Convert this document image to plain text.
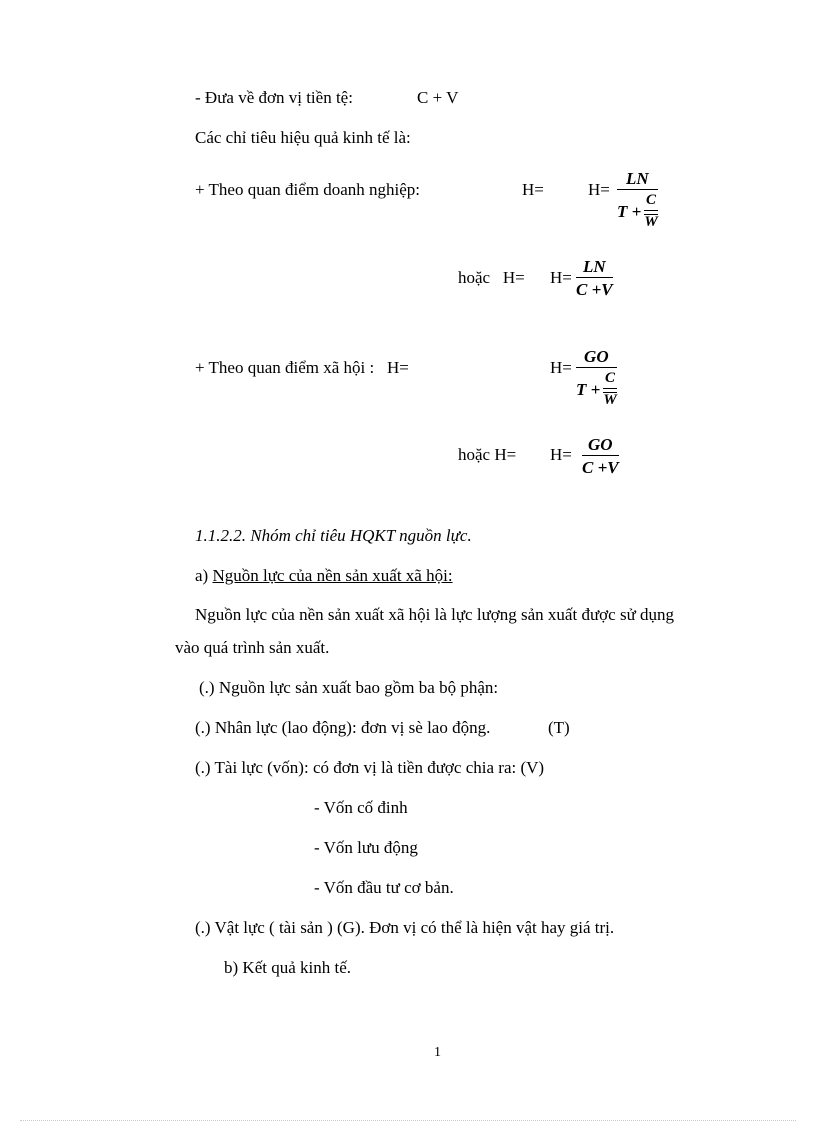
- Đưa về đơn vị tiền tệ:	C + V
Các chỉ tiêu hiệu quả kinh tế là:
+ Theo quan điểm doanh nghiệp:	H=	H=
LN
T +
C
W
hoặc H= H=
LN
C +V
+ Theo quan điểm xã hội : H=	H=
GO
T +
C
W
hoặc H= H=
GO
C +V
1.1.2.2. Nhóm chỉ tiêu HQKT nguồn lực.
a) Nguồn lực của nền sản xuất xã hội:
Nguồn lực của nền sản xuất xã hội là lực lượng sản xuất được sử dụng
vào quá trình sản xuất.
(.) Nguồn lực sản xuất bao gồm ba bộ phận:
(.) Nhân lực (lao động): đơn vị sè lao động.	(T)
(.) Tài lực (vốn): có đơn vị là tiền được chia ra: (V)
- Vốn cố đinh
- Vốn lưu động
- Vốn đầu tư cơ bản.
(.) Vật lực ( tài sản ) (G). Đơn vị có thể là hiện vật hay giá trị.
b) Kết quả kinh tế.
1
